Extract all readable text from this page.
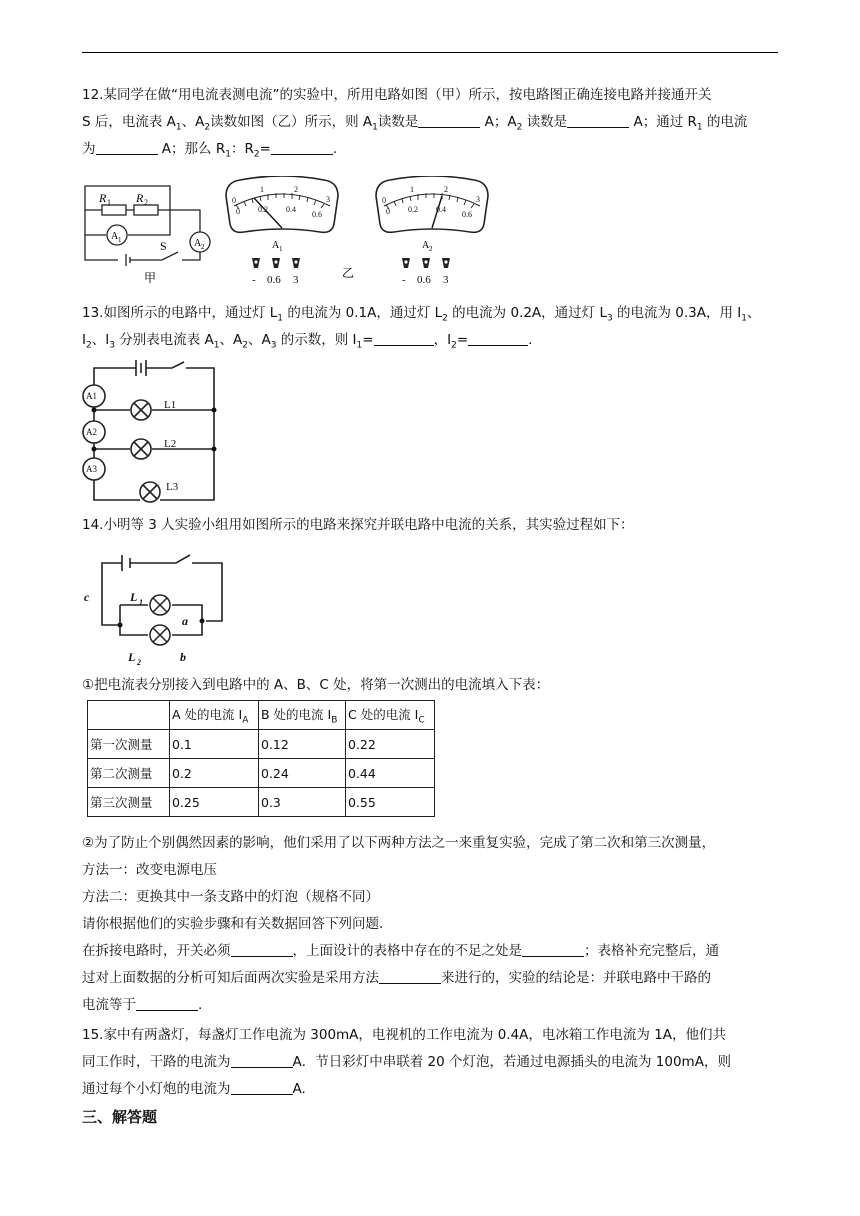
12.某同学在做“用电流表测电流”的实验中，所用电路如图（甲）所示，按电路图正确连接电路并接通开关

S 后，电流表 $A_1$、$A_2$读数如图（乙）所示，则 $A_1$读数是	A；$A_2$ 读数是	A；通过 $R_1$ 的电流

为	A；那么 $R_1$：$R_2=$	.

R 1 R 2
A 1	A 2
S
甲
0
1	2
3
0 0.2 0.4
0.6
A 1
- 0.6 3	乙
0
1	2
3
0 0.2 0.4
0.6
A 2
- 0.6 3

13.如图所示的电路中，通过灯 $L_1$ 的电流为 0.1A，通过灯 $L_2$ 的电流为 0.2A，通过灯 $L_3$ 的电流为 0.3A，用 $I_1$、

$I_2$、$I_3$ 分别表电流表 $A_1$、$A_2$、$A_3$ 的示数，则 $I_1=$	，$I_2=$	.

A1
A2
A3
L1
L2
L3

14.小明等 3 人实验小组用如图所示的电路来探究并联电路中电流的关系，其实验过程如下：

c
a
b
L 1
L 2

①把电流表分别接入到电路中的 A、B、C 处，将第一次测出的电流填入下表：

	A 处的电流 $I_A$	B 处的电流 $I_B$	C 处的电流 $I_C$
第一次测量	0.1	0.12	0.22
第二次测量	0.2	0.24	0.44
第三次测量	0.25	0.3	0.55

②为了防止个别偶然因素的影响，他们采用了以下两种方法之一来重复实验，完成了第二次和第三次测量，

方法一：改变电源电压

方法二：更换其中一条支路中的灯泡（规格不同）

请你根据他们的实验步骤和有关数据回答下列问题.

在拆接电路时，开关必须	，上面设计的表格中存在的不足之处是	；表格补充完整后，通

过对上面数据的分析可知后面两次实验是采用方法	来进行的，实验的结论是：并联电路中干路的

电流等于	.

15.家中有两盏灯，每盏灯工作电流为 300mA，电视机的工作电流为 0.4A，电冰箱工作电流为 1A，他们共

同工作时，干路的电流为	A．节日彩灯中串联着 20 个灯泡，若通过电源插头的电流为 100mA，则

通过每个小灯炮的电流为	A.

三、解答题
